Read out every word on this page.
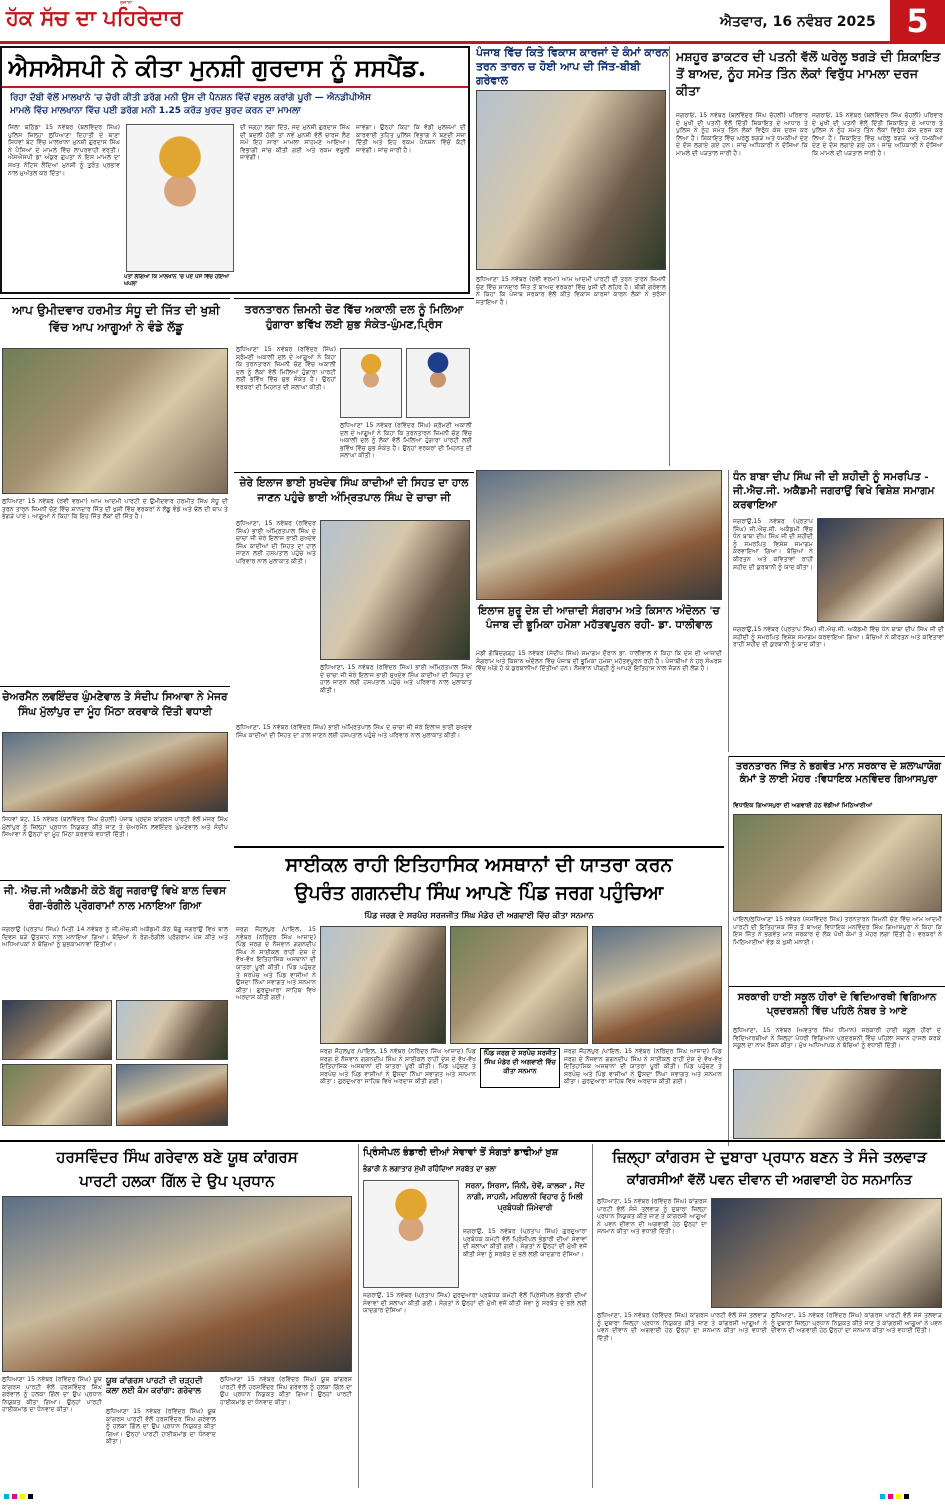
ਹੱਕ ਸੱਚ ਦਾ ਪਹਿਰੇਦਾਰ
ਰੋਜ਼ਾਨਾ
ਐਤਵਾਰ, 16 ਨਵੰਬਰ 2025 5
ਐਸਐਸਪੀ ਨੇ ਕੀਤਾ ਮੁਨਸ਼ੀ ਗੁਰਦਾਸ ਨੂੰ ਸਸਪੈਂਡ.
ਰਿਹਾ ਦੱਬੀ ਵੱਲੋਂ ਮਾਲਖਾਨੇ 'ਚ ਚੋਰੀ ਕੀਤੀ ਡਰੱਗ ਮਨੀ ਉਸ ਦੀ ਪੈਨਸ਼ਨ ਵਿੱਚੋਂ ਵਸੂਲ ਕਰਾਂਗੇ ਪੂਰੀ — ਐਨਡੀਪੀਐਸ
ਮਾਮਲੇ ਵਿੱਚ ਮਾਲਖਾਨਾ ਵਿੱਚ ਪਈ ਡਰੱਗ ਮਨੀ 1.25 ਕਰੋੜ ਖੁਰਦ ਬੁਰਦ ਕਰਨ ਦਾ ਮਾਮਲਾ
ਜਿਲਾ ਬਠਿੰਡਾ 15 ਨਵੰਬਰ (ਬਲਵਿੰਦਰ ਸਿੰਘ) ਪੁਲਿਸ ਜ਼ਿਲ੍ਹਾ ਲੁਧਿਆਣਾ ਦਿਹਾਤੀ ਦੇ ਥਾਣਾ ਸਿਧਵਾਂ ਬੇਟ ਵਿੱਚ ਮਾਲਖਾਨਾ ਮੁਨਸ਼ੀ ਗੁਰਦਾਸ ਸਿੰਘ ਨੇ ਪੈਸਿਆਂ ਦੇ ਮਾਮਲੇ ਵਿੱਚ ਲਾਪਰਵਾਹੀ ਵਰਤੀ। ਐਸਐਸਪੀ ਡਾ ਅੰਕੁਰ ਗੁਪਤਾ ਨੇ ਇਸ ਮਾਮਲੇ ਦਾ ਸਖ਼ਤ ਨੋਟਿਸ ਲੈਂਦਿਆਂ ਮੁਨਸ਼ੀ ਨੂੰ ਤੁਰੰਤ ਪ੍ਰਭਾਵ ਨਾਲ ਮੁਅੱਤਲ ਕਰ ਦਿੱਤਾ।
ਪਤਾ ਲੱਗਿਆ ਕਿ ਮਾਲਖਾਨੇ 'ਚ ਪਏ ਪੈਸੇ ਵਿੱਚ ਹੋਇਆ ਘਪਲਾ
ਦੀ ਜਗ੍ਹਾ ਲਗਾ ਦਿੱਤੇ, ਜਦ ਮੁਨਸ਼ੀ ਗੁਰਦਾਸ ਸਿੰਘ ਦੀ ਬਦਲੀ ਹੋਈ ਤਾਂ ਨਵੇਂ ਮੁਨਸ਼ੀ ਵੱਲੋਂ ਚਾਰਜ ਲੈਣ ਸਮੇਂ ਇਹ ਸਾਰਾ ਮਾਮਲਾ ਸਾਹਮਣੇ ਆਇਆ। ਵਿਭਾਗੀ ਜਾਂਚ ਕੀਤੀ ਗਈ ਅਤੇ ਰਕਮ ਵਸੂਲੀ ਜਾਵੇਗੀ।
ਜਾਵੇਗਾ। ਉਨ੍ਹਾਂ ਕਿਹਾ ਕਿ ਵੱਡੀ ਮੁਲਜ਼ਮਾਂ ਦੀ ਕਾਰਵਾਈ ਤਹਿਤ ਪੁਲਿਸ ਵਿਭਾਗ ਨੇ ਬਣਦੀ ਸਜ਼ਾ ਦਿੱਤੀ ਅਤੇ ਇਹ ਰਕਮ ਪੈਨਸ਼ਨ ਵਿੱਚੋਂ ਕੱਟੀ ਜਾਵੇਗੀ। ਜਾਂਚ ਜਾਰੀ ਹੈ।
ਪੰਜਾਬ ਵਿੱਚ ਕਿਤੇ ਵਿਕਾਸ ਕਾਰਜਾਂ ਦੇ ਕੰਮਾਂ ਕਾਰਨ ਤਰਨ ਤਾਰਨ ਚ ਹੋਈ ਆਪ ਦੀ ਜਿੱਤ-ਬੀਬੀ ਗਰੇਵਾਲ
ਲੁਧਿਆਣਾ 15 ਨਵੰਬਰ (ਰਵੀ ਵਰਮਾ) ਆਮ ਆਦਮੀ ਪਾਰਟੀ ਦੀ ਤਰਨ ਤਾਰਨ ਜ਼ਿਮਨੀ ਚੋਣ ਵਿੱਚ ਸ਼ਾਨਦਾਰ ਜਿੱਤ ਤੋਂ ਬਾਅਦ ਵਰਕਰਾਂ ਵਿੱਚ ਖੁਸ਼ੀ ਦੀ ਲਹਿਰ ਹੈ। ਬੀਬੀ ਗਰੇਵਾਲ ਨੇ ਕਿਹਾ ਕਿ ਪੰਜਾਬ ਸਰਕਾਰ ਵੱਲੋਂ ਕੀਤੇ ਵਿਕਾਸ ਕਾਰਜਾਂ ਕਾਰਨ ਲੋਕਾਂ ਨੇ ਭਰੋਸਾ ਜਤਾਇਆ ਹੈ।
ਮਸ਼ਹੂਰ ਡਾਕਟਰ ਦੀ ਪਤਨੀ ਵੱਲੋਂ ਘਰੇਲੂ ਝਗੜੇ ਦੀ ਸ਼ਿਕਾਇਤ ਤੋਂ ਬਾਅਦ, ਨੂੰਹ ਸਮੇਤ ਤਿੰਨ ਲੋਕਾਂ ਵਿਰੁੱਧ ਮਾਮਲਾ ਦਰਜ ਕੀਤਾ
ਜਗਰਾਓਂ, 15 ਨਵੰਬਰ (ਬਲਵਿੰਦਰ ਸਿੰਘ ਚੋਹਲੀ) ਪਰਿਵਾਰ ਦੇ ਮੁਖੀ ਦੀ ਪਤਨੀ ਵੱਲੋਂ ਦਿੱਤੀ ਸ਼ਿਕਾਇਤ ਦੇ ਆਧਾਰ ਤੇ ਪੁਲਿਸ ਨੇ ਨੂੰਹ ਸਮੇਤ ਤਿੰਨ ਲੋਕਾਂ ਵਿਰੁੱਧ ਕੇਸ ਦਰਜ ਕਰ ਲਿਆ ਹੈ। ਸ਼ਿਕਾਇਤ ਵਿੱਚ ਘਰੇਲੂ ਝਗੜੇ ਅਤੇ ਧਮਕੀਆਂ ਦੇਣ ਦੇ ਦੋਸ਼ ਲਗਾਏ ਗਏ ਹਨ। ਜਾਂਚ ਅਧਿਕਾਰੀ ਨੇ ਦੱਸਿਆ ਕਿ ਮਾਮਲੇ ਦੀ ਪੜਤਾਲ ਜਾਰੀ ਹੈ।
ਜਗਰਾਓਂ, 15 ਨਵੰਬਰ (ਬਲਵਿੰਦਰ ਸਿੰਘ ਚੋਹਲੀ) ਪਰਿਵਾਰ ਦੇ ਮੁਖੀ ਦੀ ਪਤਨੀ ਵੱਲੋਂ ਦਿੱਤੀ ਸ਼ਿਕਾਇਤ ਦੇ ਆਧਾਰ ਤੇ ਪੁਲਿਸ ਨੇ ਨੂੰਹ ਸਮੇਤ ਤਿੰਨ ਲੋਕਾਂ ਵਿਰੁੱਧ ਕੇਸ ਦਰਜ ਕਰ ਲਿਆ ਹੈ। ਸ਼ਿਕਾਇਤ ਵਿੱਚ ਘਰੇਲੂ ਝਗੜੇ ਅਤੇ ਧਮਕੀਆਂ ਦੇਣ ਦੇ ਦੋਸ਼ ਲਗਾਏ ਗਏ ਹਨ। ਜਾਂਚ ਅਧਿਕਾਰੀ ਨੇ ਦੱਸਿਆ ਕਿ ਮਾਮਲੇ ਦੀ ਪੜਤਾਲ ਜਾਰੀ ਹੈ।
ਆਪ ਉਮੀਦਵਾਰ ਹਰਮੀਤ ਸੰਧੂ ਦੀ ਜਿੱਤ ਦੀ ਖੁਸ਼ੀ ਵਿੱਚ ਆਪ ਆਗੂਆਂ ਨੇ ਵੰਡੇ ਲੱਡੂ
ਲੁਧਿਆਣਾ 15 ਨਵੰਬਰ (ਰਵੀ ਵਰਮਾ) ਆਮ ਆਦਮੀ ਪਾਰਟੀ ਦੇ ਉਮੀਦਵਾਰ ਹਰਮੀਤ ਸਿੰਘ ਸੰਧੂ ਦੀ ਤਰਨ ਤਾਰਨ ਜ਼ਿਮਨੀ ਚੋਣ ਵਿੱਚ ਸ਼ਾਨਦਾਰ ਜਿੱਤ ਦੀ ਖੁਸ਼ੀ ਵਿੱਚ ਵਰਕਰਾਂ ਨੇ ਲੱਡੂ ਵੰਡੇ ਅਤੇ ਢੋਲ ਦੀ ਥਾਪ ਤੇ ਭੰਗੜੇ ਪਾਏ। ਆਗੂਆਂ ਨੇ ਕਿਹਾ ਕਿ ਇਹ ਜਿੱਤ ਲੋਕਾਂ ਦੀ ਜਿੱਤ ਹੈ।
ਤਰਨਤਾਰਨ ਜ਼ਿਮਨੀ ਚੋਣ ਵਿੱਚ ਅਕਾਲੀ ਦਲ ਨੂੰ ਮਿਲਿਆ ਹੁੰਗਾਰਾ ਭਵਿੱਖ ਲਈ ਸ਼ੁਭ ਸੰਕੇਤ-ਘੁੰਮਣ,ਪ੍ਰਿੰਸ
ਲੁਧਿਆਣਾ 15 ਨਵੰਬਰ (ਰਵਿੰਦਰ ਸਿੰਘ) ਸ਼੍ਰੋਮਣੀ ਅਕਾਲੀ ਦਲ ਦੇ ਆਗੂਆਂ ਨੇ ਕਿਹਾ ਕਿ ਤਰਨਤਾਰਨ ਜ਼ਿਮਨੀ ਚੋਣ ਵਿੱਚ ਅਕਾਲੀ ਦਲ ਨੂੰ ਲੋਕਾਂ ਵੱਲੋਂ ਮਿਲਿਆ ਹੁੰਗਾਰਾ ਪਾਰਟੀ ਲਈ ਭਵਿੱਖ ਵਿੱਚ ਸ਼ੁਭ ਸੰਕੇਤ ਹੈ। ਉਨ੍ਹਾਂ ਵਰਕਰਾਂ ਦੀ ਮਿਹਨਤ ਦੀ ਸ਼ਲਾਘਾ ਕੀਤੀ।
ਲੁਧਿਆਣਾ 15 ਨਵੰਬਰ (ਰਵਿੰਦਰ ਸਿੰਘ) ਸ਼੍ਰੋਮਣੀ ਅਕਾਲੀ ਦਲ ਦੇ ਆਗੂਆਂ ਨੇ ਕਿਹਾ ਕਿ ਤਰਨਤਾਰਨ ਜ਼ਿਮਨੀ ਚੋਣ ਵਿੱਚ ਅਕਾਲੀ ਦਲ ਨੂੰ ਲੋਕਾਂ ਵੱਲੋਂ ਮਿਲਿਆ ਹੁੰਗਾਰਾ ਪਾਰਟੀ ਲਈ ਭਵਿੱਖ ਵਿੱਚ ਸ਼ੁਭ ਸੰਕੇਤ ਹੈ। ਉਨ੍ਹਾਂ ਵਰਕਰਾਂ ਦੀ ਮਿਹਨਤ ਦੀ ਸ਼ਲਾਘਾ ਕੀਤੀ।
ਇਲਾਜ ਸ਼ੁਰੂ ਦੇਸ਼ ਦੀ ਆਜ਼ਾਦੀ ਸੰਗਰਾਮ ਅਤੇ ਕਿਸਾਨ ਅੰਦੋਲਨ 'ਚ ਪੰਜਾਬ ਦੀ ਭੂਮਿਕਾ ਹਮੇਸ਼ਾ ਮਹੱਤਵਪੂਰਨ ਰਹੀ- ਡਾ. ਧਾਲੀਵਾਲ
ਮੰਡੀ ਗੋਬਿੰਦਗੜ੍ਹ 15 ਨਵੰਬਰ (ਸੰਦੀਪ ਸਿੰਘ) ਸਮਾਗਮ ਦੌਰਾਨ ਡਾ. ਧਾਲੀਵਾਲ ਨੇ ਕਿਹਾ ਕਿ ਦੇਸ਼ ਦੀ ਆਜ਼ਾਦੀ ਸੰਗਰਾਮ ਅਤੇ ਕਿਸਾਨ ਅੰਦੋਲਨ ਵਿੱਚ ਪੰਜਾਬ ਦੀ ਭੂਮਿਕਾ ਹਮੇਸ਼ਾ ਮਹੱਤਵਪੂਰਨ ਰਹੀ ਹੈ। ਪੰਜਾਬੀਆਂ ਨੇ ਹਰ ਸੰਘਰਸ਼ ਵਿੱਚ ਅੱਗੇ ਹੋ ਕੇ ਕੁਰਬਾਨੀਆਂ ਦਿੱਤੀਆਂ ਹਨ। ਨੌਜਵਾਨ ਪੀੜ੍ਹੀ ਨੂੰ ਆਪਣੇ ਇਤਿਹਾਸ ਨਾਲ ਜੋੜਨ ਦੀ ਲੋੜ ਹੈ।
ਧੰਨ ਬਾਬਾ ਦੀਪ ਸਿੰਘ ਜੀ ਦੀ ਸ਼ਹੀਦੀ ਨੂੰ ਸਮਰਪਿਤ - ਜੀ.ਐਚ.ਜੀ. ਅਕੈਡਮੀ ਜਗਰਾਉਂ ਵਿਖੇ ਵਿਸ਼ੇਸ਼ ਸਮਾਗਮ ਕਰਵਾਇਆ
ਜਗਰਾਉਂ,15 ਨਵੰਬਰ (ਪ੍ਰਤਾਪ ਸਿੰਘ) ਜੀ.ਐਚ.ਜੀ. ਅਕੈਡਮੀ ਵਿੱਚ ਧੰਨ ਬਾਬਾ ਦੀਪ ਸਿੰਘ ਜੀ ਦੀ ਸ਼ਹੀਦੀ ਨੂੰ ਸਮਰਪਿਤ ਵਿਸ਼ੇਸ਼ ਸਮਾਗਮ ਕਰਵਾਇਆ ਗਿਆ। ਬੱਚਿਆਂ ਨੇ ਕੀਰਤਨ ਅਤੇ ਕਵਿਤਾਵਾਂ ਰਾਹੀਂ ਸ਼ਹੀਦ ਦੀ ਕੁਰਬਾਨੀ ਨੂੰ ਯਾਦ ਕੀਤਾ।
ਜਗਰਾਉਂ,15 ਨਵੰਬਰ (ਪ੍ਰਤਾਪ ਸਿੰਘ) ਜੀ.ਐਚ.ਜੀ. ਅਕੈਡਮੀ ਵਿੱਚ ਧੰਨ ਬਾਬਾ ਦੀਪ ਸਿੰਘ ਜੀ ਦੀ ਸ਼ਹੀਦੀ ਨੂੰ ਸਮਰਪਿਤ ਵਿਸ਼ੇਸ਼ ਸਮਾਗਮ ਕਰਵਾਇਆ ਗਿਆ। ਬੱਚਿਆਂ ਨੇ ਕੀਰਤਨ ਅਤੇ ਕਵਿਤਾਵਾਂ ਰਾਹੀਂ ਸ਼ਹੀਦ ਦੀ ਕੁਰਬਾਨੀ ਨੂੰ ਯਾਦ ਕੀਤਾ।
ਜ਼ੇਰੇ ਇਲਾਜ ਭਾਈ ਸੁਖਦੇਵ ਸਿੰਘ ਕਾਦੀਆਂ ਦੀ ਸਿਹਤ ਦਾ ਹਾਲ ਜਾਣਨ ਪਹੁੰਚੇ ਭਾਈ ਅੰਮ੍ਰਿਤਪਾਲ ਸਿੰਘ ਦੇ ਚਾਚਾ ਜੀ
ਲੁਧਿਆਣਾ, 15 ਨਵੰਬਰ (ਰਵਿੰਦਰ ਸਿੰਘ) ਭਾਈ ਅੰਮ੍ਰਿਤਪਾਲ ਸਿੰਘ ਦੇ ਚਾਚਾ ਜੀ ਜ਼ੇਰੇ ਇਲਾਜ ਭਾਈ ਸੁਖਦੇਵ ਸਿੰਘ ਕਾਦੀਆਂ ਦੀ ਸਿਹਤ ਦਾ ਹਾਲ ਜਾਣਨ ਲਈ ਹਸਪਤਾਲ ਪਹੁੰਚੇ ਅਤੇ ਪਰਿਵਾਰ ਨਾਲ ਮੁਲਾਕਾਤ ਕੀਤੀ।
ਲੁਧਿਆਣਾ, 15 ਨਵੰਬਰ (ਰਵਿੰਦਰ ਸਿੰਘ) ਭਾਈ ਅੰਮ੍ਰਿਤਪਾਲ ਸਿੰਘ ਦੇ ਚਾਚਾ ਜੀ ਜ਼ੇਰੇ ਇਲਾਜ ਭਾਈ ਸੁਖਦੇਵ ਸਿੰਘ ਕਾਦੀਆਂ ਦੀ ਸਿਹਤ ਦਾ ਹਾਲ ਜਾਣਨ ਲਈ ਹਸਪਤਾਲ ਪਹੁੰਚੇ ਅਤੇ ਪਰਿਵਾਰ ਨਾਲ ਮੁਲਾਕਾਤ ਕੀਤੀ।
ਲੁਧਿਆਣਾ, 15 ਨਵੰਬਰ (ਰਵਿੰਦਰ ਸਿੰਘ) ਭਾਈ ਅੰਮ੍ਰਿਤਪਾਲ ਸਿੰਘ ਦੇ ਚਾਚਾ ਜੀ ਜ਼ੇਰੇ ਇਲਾਜ ਭਾਈ ਸੁਖਦੇਵ ਸਿੰਘ ਕਾਦੀਆਂ ਦੀ ਸਿਹਤ ਦਾ ਹਾਲ ਜਾਣਨ ਲਈ ਹਸਪਤਾਲ ਪਹੁੰਚੇ ਅਤੇ ਪਰਿਵਾਰ ਨਾਲ ਮੁਲਾਕਾਤ ਕੀਤੀ।
ਤਰਨਤਾਰਨ ਜਿੱਤ ਨੇ ਭਗਵੰਤ ਮਾਨ ਸਰਕਾਰ ਦੇ ਸ਼ਲਾਘਾਯੋਗ ਕੰਮਾਂ ਤੇ ਲਾਈ ਮੋਹਰ :ਵਿਧਾਇਕ ਮਨਵਿੰਦਰ ਗਿਆਸਪੁਰਾ
ਵਿਧਾਇਕ ਗਿਆਸਪੁਰਾ ਦੀ ਅਗਵਾਈ ਹੇਠ ਵੰਡੀਆਂ ਮਿਠਿਆਈਆਂ
ਪਾਇਲ/ਲੁਧਿਆਣਾ 15 ਨਵੰਬਰ (ਜਸਵਿੰਦਰ ਸਿੰਘ) ਤਰਨਤਾਰਨ ਜ਼ਿਮਨੀ ਚੋਣ ਵਿੱਚ ਆਮ ਆਦਮੀ ਪਾਰਟੀ ਦੀ ਇਤਿਹਾਸਕ ਜਿੱਤ ਤੋਂ ਬਾਅਦ ਵਿਧਾਇਕ ਮਨਵਿੰਦਰ ਸਿੰਘ ਗਿਆਸਪੁਰਾ ਨੇ ਕਿਹਾ ਕਿ ਇਸ ਜਿੱਤ ਨੇ ਭਗਵੰਤ ਮਾਨ ਸਰਕਾਰ ਦੇ ਲੋਕ ਪੱਖੀ ਕੰਮਾਂ ਤੇ ਮੋਹਰ ਲਗਾ ਦਿੱਤੀ ਹੈ। ਵਰਕਰਾਂ ਨੇ ਮਿਠਿਆਈਆਂ ਵੰਡ ਕੇ ਖੁਸ਼ੀ ਮਨਾਈ।
ਚੇਅਰਮੈਨ ਲਵਇੰਦਰ ਘੁੰਮਣੇਵਾਲ ਤੇ ਸੰਦੀਪ ਸਿਆਵਾ ਨੇ ਮੇਜਰ ਸਿੰਘ ਮੁੱਲਾਂਪੁਰ ਦਾ ਮੂੰਹ ਮਿੱਠਾ ਕਰਵਾਕੇ ਦਿੱਤੀ ਵਧਾਈ
ਸਿਧਵਾਂ ਬੇਟ, 15 ਨਵੰਬਰ (ਬਲਵਿੰਦਰ ਸਿੰਘ ਚੋਹਲੀ) ਪੰਜਾਬ ਪ੍ਰਦੇਸ਼ ਕਾਂਗਰਸ ਪਾਰਟੀ ਵੱਲੋਂ ਮੇਜਰ ਸਿੰਘ ਮੁੱਲਾਂਪੁਰ ਨੂੰ ਜ਼ਿਲ੍ਹਾ ਪ੍ਰਧਾਨ ਨਿਯੁਕਤ ਕੀਤੇ ਜਾਣ ਤੇ ਚੇਅਰਮੈਨ ਲਵਇੰਦਰ ਘੁੰਮਣੇਵਾਲ ਅਤੇ ਸੰਦੀਪ ਸਿਆਵਾ ਨੇ ਉਨ੍ਹਾਂ ਦਾ ਮੂੰਹ ਮਿੱਠਾ ਕਰਵਾਕੇ ਵਧਾਈ ਦਿੱਤੀ।
ਜੀ. ਐਚ.ਜੀ ਅਕੈਡਮੀ ਕੋਠੇ ਬੱਗੂ ਜਗਰਾਉਂ ਵਿਖੇ ਬਾਲ ਦਿਵਸ ਰੰਗ-ਰੰਗੀਲੇ ਪ੍ਰੋਗਰਾਮਾਂ ਨਾਲ ਮਨਾਇਆ ਗਿਆ
ਜਗਰਾਉਂ (ਪ੍ਰਤਾਪ ਸਿੰਘ) ਮਿਤੀ 14 ਨਵੰਬਰ ਨੂੰ ਜੀ.ਐਚ.ਜੀ ਅਕੈਡਮੀ ਕੋਠੇ ਬੱਗੂ ਜਗਰਾਉਂ ਵਿਖੇ ਬਾਲ ਦਿਵਸ ਬੜੇ ਉਤਸ਼ਾਹ ਨਾਲ ਮਨਾਇਆ ਗਿਆ। ਬੱਚਿਆਂ ਨੇ ਰੰਗ-ਰੰਗੀਲੇ ਪ੍ਰੋਗਰਾਮ ਪੇਸ਼ ਕੀਤੇ ਅਤੇ ਅਧਿਆਪਕਾਂ ਨੇ ਬੱਚਿਆਂ ਨੂੰ ਸ਼ੁਭਕਾਮਨਾਵਾਂ ਦਿੱਤੀਆਂ।
ਸਾਈਕਲ ਰਾਹੀ ਇਤਿਹਾਸਿਕ ਅਸਥਾਨਾਂ ਦੀ ਯਾਤਰਾ ਕਰਨ
ਉਪਰੰਤ ਗਗਨਦੀਪ ਸਿੰਘ ਆਪਣੇ ਪਿੰਡ ਜਰਗ ਪਹੁੰਚਿਆ
ਪਿੰਡ ਜਰਗ ਦੇ ਸਰਪੰਚ ਸਰਜਜੀਤ ਸਿੰਘ ਮੰਡੇਰ ਦੀ ਅਗਵਾਈ ਵਿੱਚ ਕੀਤਾ ਸਨਮਾਨ
ਜਰਗ ਜੌਹਲਪੁਰ /ਪਾਇਲ, 15 ਨਵੰਬਰ (ਨਰਿੰਦਰ ਸਿੰਘ ਆਜ਼ਾਦ) ਪਿੰਡ ਜਰਗ ਦੇ ਨੌਜਵਾਨ ਗਗਨਦੀਪ ਸਿੰਘ ਨੇ ਸਾਈਕਲ ਰਾਹੀਂ ਦੇਸ਼ ਦੇ ਵੱਖ-ਵੱਖ ਇਤਿਹਾਸਿਕ ਅਸਥਾਨਾਂ ਦੀ ਯਾਤਰਾ ਪੂਰੀ ਕੀਤੀ। ਪਿੰਡ ਪਹੁੰਚਣ ਤੇ ਸਰਪੰਚ ਅਤੇ ਪਿੰਡ ਵਾਸੀਆਂ ਨੇ ਉਸਦਾ ਨਿੱਘਾ ਸਵਾਗਤ ਅਤੇ ਸਨਮਾਨ ਕੀਤਾ। ਗੁਰਦੁਆਰਾ ਸਾਹਿਬ ਵਿਖੇ ਅਰਦਾਸ ਕੀਤੀ ਗਈ।
ਜਰਗ ਜੌਹਲਪੁਰ /ਪਾਇਲ, 15 ਨਵੰਬਰ (ਨਰਿੰਦਰ ਸਿੰਘ ਆਜ਼ਾਦ) ਪਿੰਡ ਜਰਗ ਦੇ ਨੌਜਵਾਨ ਗਗਨਦੀਪ ਸਿੰਘ ਨੇ ਸਾਈਕਲ ਰਾਹੀਂ ਦੇਸ਼ ਦੇ ਵੱਖ-ਵੱਖ ਇਤਿਹਾਸਿਕ ਅਸਥਾਨਾਂ ਦੀ ਯਾਤਰਾ ਪੂਰੀ ਕੀਤੀ। ਪਿੰਡ ਪਹੁੰਚਣ ਤੇ ਸਰਪੰਚ ਅਤੇ ਪਿੰਡ ਵਾਸੀਆਂ ਨੇ ਉਸਦਾ ਨਿੱਘਾ ਸਵਾਗਤ ਅਤੇ ਸਨਮਾਨ ਕੀਤਾ। ਗੁਰਦੁਆਰਾ ਸਾਹਿਬ ਵਿਖੇ ਅਰਦਾਸ ਕੀਤੀ ਗਈ।
ਪਿੰਡ ਜਰਗ ਦੇ ਸਰਪੰਚ ਸਰਜੀਤ ਸਿੰਘ ਮੰਡੇਰ ਦੀ ਅਗਵਾਈ ਵਿੱਚ ਕੀਤਾ ਸਨਮਾਨ
ਜਰਗ ਜੌਹਲਪੁਰ /ਪਾਇਲ, 15 ਨਵੰਬਰ (ਨਰਿੰਦਰ ਸਿੰਘ ਆਜ਼ਾਦ) ਪਿੰਡ ਜਰਗ ਦੇ ਨੌਜਵਾਨ ਗਗਨਦੀਪ ਸਿੰਘ ਨੇ ਸਾਈਕਲ ਰਾਹੀਂ ਦੇਸ਼ ਦੇ ਵੱਖ-ਵੱਖ ਇਤਿਹਾਸਿਕ ਅਸਥਾਨਾਂ ਦੀ ਯਾਤਰਾ ਪੂਰੀ ਕੀਤੀ। ਪਿੰਡ ਪਹੁੰਚਣ ਤੇ ਸਰਪੰਚ ਅਤੇ ਪਿੰਡ ਵਾਸੀਆਂ ਨੇ ਉਸਦਾ ਨਿੱਘਾ ਸਵਾਗਤ ਅਤੇ ਸਨਮਾਨ ਕੀਤਾ। ਗੁਰਦੁਆਰਾ ਸਾਹਿਬ ਵਿਖੇ ਅਰਦਾਸ ਕੀਤੀ ਗਈ।
ਹਰਸਵਿੰਦਰ ਸਿੰਘ ਗਰੇਵਾਲ ਬਣੇ ਯੂਥ ਕਾਂਗਰਸ
ਪਾਰਟੀ ਹਲਕਾ ਗਿੱਲ ਦੇ ਉਪ ਪ੍ਰਧਾਨ
ਲੁਧਿਆਣਾ 15 ਨਵੰਬਰ (ਰਵਿੰਦਰ ਸਿੰਘ) ਯੂਥ ਕਾਂਗਰਸ ਪਾਰਟੀ ਵੱਲੋਂ ਹਰਸਵਿੰਦਰ ਸਿੰਘ ਗਰੇਵਾਲ ਨੂੰ ਹਲਕਾ ਗਿੱਲ ਦਾ ਉਪ ਪ੍ਰਧਾਨ ਨਿਯੁਕਤ ਕੀਤਾ ਗਿਆ। ਉਨ੍ਹਾਂ ਪਾਰਟੀ ਹਾਈਕਮਾਂਡ ਦਾ ਧੰਨਵਾਦ ਕੀਤਾ।
ਯੂਥ ਕਾਂਗਰਸ ਪਾਰਟੀ ਦੀ ਚੜ੍ਹਦੀ ਕਲਾ ਲਈ ਕੰਮ ਕਰਾਂਗਾ: ਗਰੇਵਾਲ
ਲੁਧਿਆਣਾ 15 ਨਵੰਬਰ (ਰਵਿੰਦਰ ਸਿੰਘ) ਯੂਥ ਕਾਂਗਰਸ ਪਾਰਟੀ ਵੱਲੋਂ ਹਰਸਵਿੰਦਰ ਸਿੰਘ ਗਰੇਵਾਲ ਨੂੰ ਹਲਕਾ ਗਿੱਲ ਦਾ ਉਪ ਪ੍ਰਧਾਨ ਨਿਯੁਕਤ ਕੀਤਾ ਗਿਆ। ਉਨ੍ਹਾਂ ਪਾਰਟੀ ਹਾਈਕਮਾਂਡ ਦਾ ਧੰਨਵਾਦ ਕੀਤਾ।
ਲੁਧਿਆਣਾ 15 ਨਵੰਬਰ (ਰਵਿੰਦਰ ਸਿੰਘ) ਯੂਥ ਕਾਂਗਰਸ ਪਾਰਟੀ ਵੱਲੋਂ ਹਰਸਵਿੰਦਰ ਸਿੰਘ ਗਰੇਵਾਲ ਨੂੰ ਹਲਕਾ ਗਿੱਲ ਦਾ ਉਪ ਪ੍ਰਧਾਨ ਨਿਯੁਕਤ ਕੀਤਾ ਗਿਆ। ਉਨ੍ਹਾਂ ਪਾਰਟੀ ਹਾਈਕਮਾਂਡ ਦਾ ਧੰਨਵਾਦ ਕੀਤਾ।
ਪ੍ਰਿੰਸੀਪਲ ਭੰਡਾਰੀ ਦੀਆਂ ਸੇਵਾਵਾਂ ਤੋਂ ਸੰਗਤਾਂ ਡਾਢੀਆਂ ਖ਼ੁਸ਼
ਭੰਡਾਰੀ ਨੇ ਲਗਾਤਾਰ ਮੁੱਖੀ ਰਹਿੰਦਿਆਂ ਸਰਬੱਤ ਦਾ ਭਲਾ
ਸਰਨਾ, ਸਿਰਸਾ, ਜਿੰਨੀ, ਚੇਵੇਂ, ਕਾਲਕਾ , ਮੈਂਦ ਨਾਗੀ, ਸਾਹਨੀ, ਮਹਿਲਾਨੀ ਵਿਹਾਰ ਨੂੰ ਮਿਲੀ ਪ੍ਰਬੰਧਕੀ ਜਿੰਮੇਵਾਰੀ
ਜਗਰਾਉਂ, 15 ਨਵੰਬਰ (ਪ੍ਰਤਾਪ ਸਿੰਘ) ਗੁਰਦੁਆਰਾ ਪ੍ਰਬੰਧਕ ਕਮੇਟੀ ਵੱਲੋਂ ਪ੍ਰਿੰਸੀਪਲ ਭੰਡਾਰੀ ਦੀਆਂ ਸੇਵਾਵਾਂ ਦੀ ਸ਼ਲਾਘਾ ਕੀਤੀ ਗਈ। ਸੰਗਤਾਂ ਨੇ ਉਨ੍ਹਾਂ ਦੀ ਮੁੱਖੀ ਵਜੋਂ ਕੀਤੀ ਸੇਵਾ ਨੂੰ ਸਰਬੱਤ ਦੇ ਭਲੇ ਲਈ ਯਾਦਗਾਰ ਦੱਸਿਆ।
ਜਗਰਾਉਂ, 15 ਨਵੰਬਰ (ਪ੍ਰਤਾਪ ਸਿੰਘ) ਗੁਰਦੁਆਰਾ ਪ੍ਰਬੰਧਕ ਕਮੇਟੀ ਵੱਲੋਂ ਪ੍ਰਿੰਸੀਪਲ ਭੰਡਾਰੀ ਦੀਆਂ ਸੇਵਾਵਾਂ ਦੀ ਸ਼ਲਾਘਾ ਕੀਤੀ ਗਈ। ਸੰਗਤਾਂ ਨੇ ਉਨ੍ਹਾਂ ਦੀ ਮੁੱਖੀ ਵਜੋਂ ਕੀਤੀ ਸੇਵਾ ਨੂੰ ਸਰਬੱਤ ਦੇ ਭਲੇ ਲਈ ਯਾਦਗਾਰ ਦੱਸਿਆ।
ਜ਼ਿਲ੍ਹਾ ਕਾਂਗਰਸ ਦੇ ਦੁਬਾਰਾ ਪ੍ਰਧਾਨ ਬਣਨ ਤੇ ਸੰਜੇ ਤਲਵਾੜ
ਕਾਂਗਰਸੀਆਂ ਵੱਲੋਂ ਪਵਨ ਦੀਵਾਨ ਦੀ ਅਗਵਾਈ ਹੇਠ ਸਨਮਾਨਿਤ
ਲੁਧਿਆਣਾ, 15 ਨਵੰਬਰ (ਰਵਿੰਦਰ ਸਿੰਘ) ਕਾਂਗਰਸ ਪਾਰਟੀ ਵੱਲੋਂ ਸੰਜੇ ਤਲਵਾੜ ਨੂੰ ਦੁਬਾਰਾ ਜ਼ਿਲ੍ਹਾ ਪ੍ਰਧਾਨ ਨਿਯੁਕਤ ਕੀਤੇ ਜਾਣ ਤੇ ਕਾਂਗਰਸੀ ਆਗੂਆਂ ਨੇ ਪਵਨ ਦੀਵਾਨ ਦੀ ਅਗਵਾਈ ਹੇਠ ਉਨ੍ਹਾਂ ਦਾ ਸਨਮਾਨ ਕੀਤਾ ਅਤੇ ਵਧਾਈ ਦਿੱਤੀ।
ਲੁਧਿਆਣਾ, 15 ਨਵੰਬਰ (ਰਵਿੰਦਰ ਸਿੰਘ) ਕਾਂਗਰਸ ਪਾਰਟੀ ਵੱਲੋਂ ਸੰਜੇ ਤਲਵਾੜ ਨੂੰ ਦੁਬਾਰਾ ਜ਼ਿਲ੍ਹਾ ਪ੍ਰਧਾਨ ਨਿਯੁਕਤ ਕੀਤੇ ਜਾਣ ਤੇ ਕਾਂਗਰਸੀ ਆਗੂਆਂ ਨੇ ਪਵਨ ਦੀਵਾਨ ਦੀ ਅਗਵਾਈ ਹੇਠ ਉਨ੍ਹਾਂ ਦਾ ਸਨਮਾਨ ਕੀਤਾ ਅਤੇ ਵਧਾਈ ਦਿੱਤੀ।
ਲੁਧਿਆਣਾ, 15 ਨਵੰਬਰ (ਰਵਿੰਦਰ ਸਿੰਘ) ਕਾਂਗਰਸ ਪਾਰਟੀ ਵੱਲੋਂ ਸੰਜੇ ਤਲਵਾੜ ਨੂੰ ਦੁਬਾਰਾ ਜ਼ਿਲ੍ਹਾ ਪ੍ਰਧਾਨ ਨਿਯੁਕਤ ਕੀਤੇ ਜਾਣ ਤੇ ਕਾਂਗਰਸੀ ਆਗੂਆਂ ਨੇ ਪਵਨ ਦੀਵਾਨ ਦੀ ਅਗਵਾਈ ਹੇਠ ਉਨ੍ਹਾਂ ਦਾ ਸਨਮਾਨ ਕੀਤਾ ਅਤੇ ਵਧਾਈ ਦਿੱਤੀ।
ਸਰਕਾਰੀ ਹਾਈ ਸਕੂਲ ਹੀਰਾਂ ਦੇ ਵਿਦਿਆਰਥੀ ਵਿਗਿਆਨ ਪ੍ਰਦਰਸ਼ਨੀ ਵਿੱਚ ਪਹਿਲੇ ਨੰਬਰ ਤੇ ਆਏ
ਲੁਧਿਆਣਾ, 15 ਨਵੰਬਰ (ਅਵਤਾਰ ਸਿੰਘ ਧੀਮਾਨ) ਸਰਕਾਰੀ ਹਾਈ ਸਕੂਲ ਹੀਰਾਂ ਦੇ ਵਿਦਿਆਰਥੀਆਂ ਨੇ ਜ਼ਿਲ੍ਹਾ ਪੱਧਰੀ ਵਿਗਿਆਨ ਪ੍ਰਦਰਸ਼ਨੀ ਵਿੱਚ ਪਹਿਲਾ ਸਥਾਨ ਹਾਸਲ ਕਰਕੇ ਸਕੂਲ ਦਾ ਨਾਮ ਰੌਸ਼ਨ ਕੀਤਾ। ਮੁੱਖ ਅਧਿਆਪਕ ਨੇ ਬੱਚਿਆਂ ਨੂੰ ਵਧਾਈ ਦਿੱਤੀ।
